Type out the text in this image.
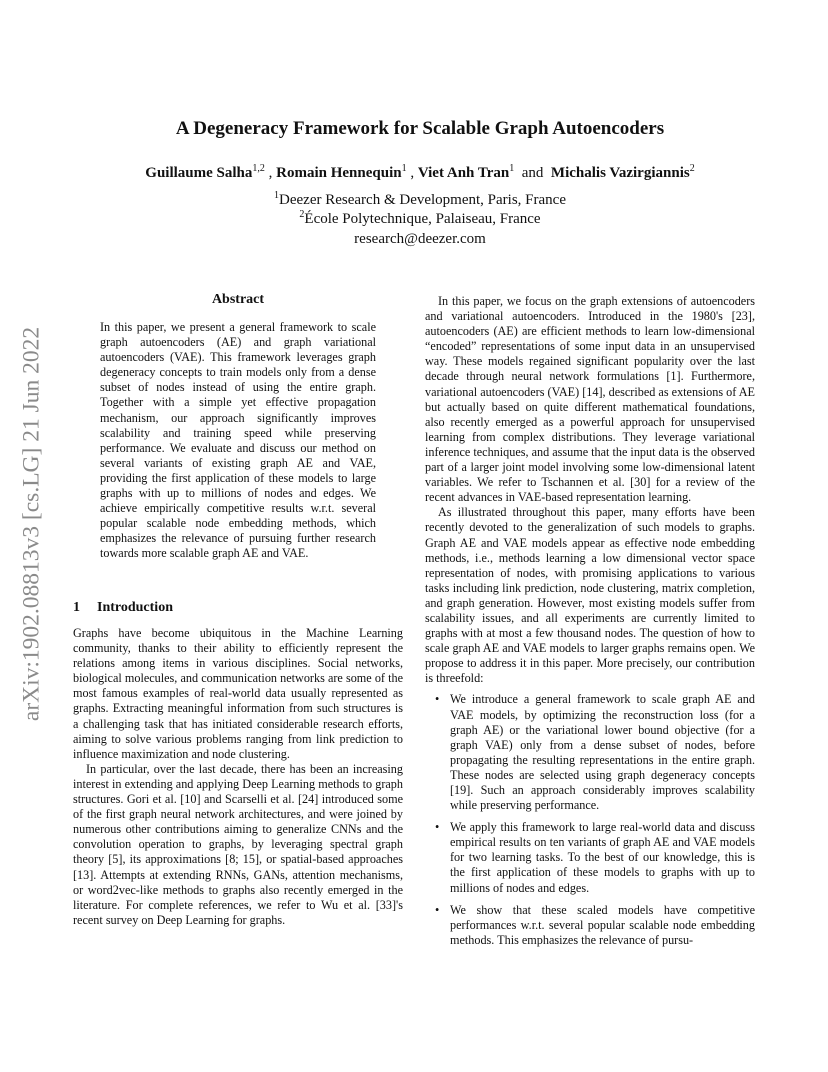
arXiv:1902.08813v3 [cs.LG] 21 Jun 2022
A Degeneracy Framework for Scalable Graph Autoencoders
Guillaume Salha$^{1,2}$ , Romain Hennequin$^1$ , Viet Anh Tran$^1$  and  Michalis Vazirgiannis$^2$
$^1$Deezer Research & Development, Paris, France
$^2$École Polytechnique, Palaiseau, France
research@deezer.com
Abstract

In this paper, we present a general framework to scale graph autoencoders (AE) and graph variational autoencoders (VAE). This framework leverages graph degeneracy concepts to train models only from a dense subset of nodes instead of using the entire graph. Together with a simple yet effective propagation mechanism, our approach significantly improves scalability and training speed while preserving performance. We evaluate and discuss our method on several variants of existing graph AE and VAE, providing the first application of these models to large graphs with up to millions of nodes and edges. We achieve empirically competitive results w.r.t. several popular scalable node embedding methods, which emphasizes the relevance of pursuing further research towards more scalable graph AE and VAE.

1 Introduction

Graphs have become ubiquitous in the Machine Learning community, thanks to their ability to efficiently represent the relations among items in various disciplines. Social networks, biological molecules, and communication networks are some of the most famous examples of real-world data usually represented as graphs. Extracting meaningful information from such structures is a challenging task that has initiated considerable research efforts, aiming to solve various problems ranging from link prediction to influence maximization and node clustering.

In particular, over the last decade, there has been an increasing interest in extending and applying Deep Learning methods to graph structures. Gori et al. [10] and Scarselli et al. [24] introduced some of the first graph neural network architectures, and were joined by numerous other contributions aiming to generalize CNNs and the convolution operation to graphs, by leveraging spectral graph theory [5], its approximations [8; 15], or spatial-based approaches [13]. Attempts at extending RNNs, GANs, attention mechanisms, or word2vec-like methods to graphs also recently emerged in the literature. For complete references, we refer to Wu et al. [33]'s recent survey on Deep Learning for graphs.

In this paper, we focus on the graph extensions of autoencoders and variational autoencoders. Introduced in the 1980's [23], autoencoders (AE) are efficient methods to learn low-dimensional “encoded” representations of some input data in an unsupervised way. These models regained significant popularity over the last decade through neural network formulations [1]. Furthermore, variational autoencoders (VAE) [14], described as extensions of AE but actually based on quite different mathematical foundations, also recently emerged as a powerful approach for unsupervised learning from complex distributions. They leverage variational inference techniques, and assume that the input data is the observed part of a larger joint model involving some low-dimensional latent variables. We refer to Tschannen et al. [30] for a review of the recent advances in VAE-based representation learning.

As illustrated throughout this paper, many efforts have been recently devoted to the generalization of such models to graphs. Graph AE and VAE models appear as effective node embedding methods, i.e., methods learning a low dimensional vector space representation of nodes, with promising applications to various tasks including link prediction, node clustering, matrix completion, and graph generation. However, most existing models suffer from scalability issues, and all experiments are currently limited to graphs with at most a few thousand nodes. The question of how to scale graph AE and VAE models to larger graphs remains open. We propose to address it in this paper. More precisely, our contribution is threefold:

• We introduce a general framework to scale graph AE and VAE models, by optimizing the reconstruction loss (for a graph AE) or the variational lower bound objective (for a graph VAE) only from a dense subset of nodes, before propagating the resulting representations in the entire graph. These nodes are selected using graph degeneracy concepts [19]. Such an approach considerably improves scalability while preserving performance.
• We apply this framework to large real-world data and discuss empirical results on ten variants of graph AE and VAE models for two learning tasks. To the best of our knowledge, this is the first application of these models to graphs with up to millions of nodes and edges.
• We show that these scaled models have competitive performances w.r.t. several popular scalable node embedding methods. This emphasizes the relevance of pursu-
